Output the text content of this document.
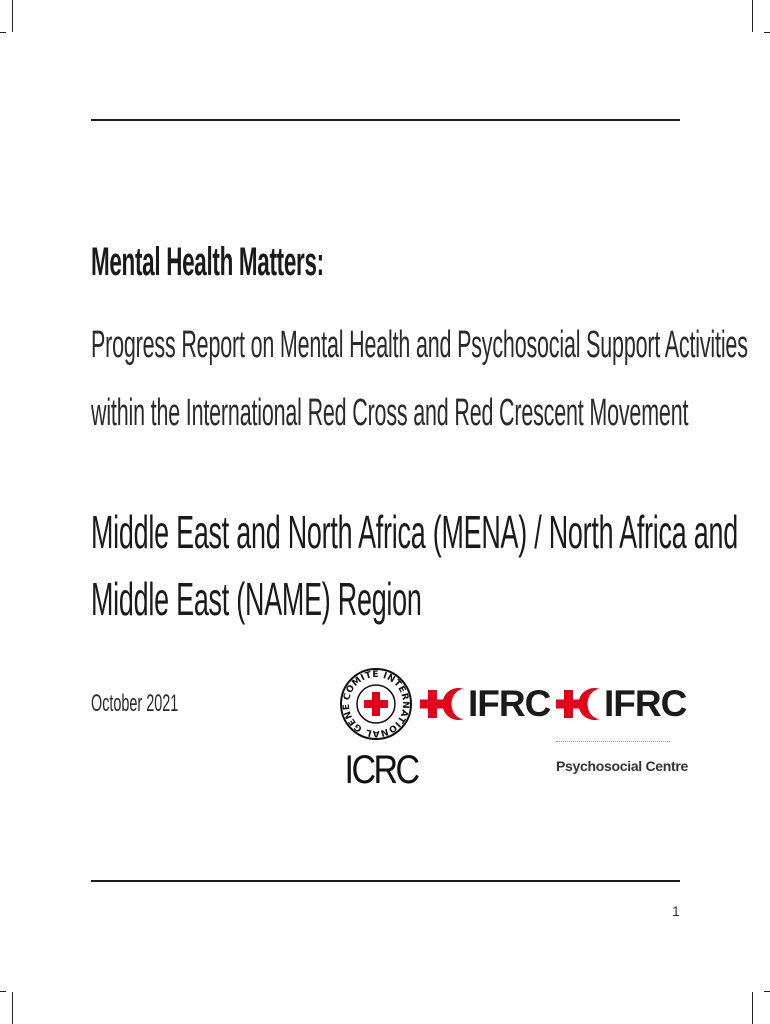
Mental Health Matters:

Progress Report on Mental Health and Psychosocial Support Activities

within the International Red Cross and Red Crescent Movement

Middle East and North Africa (MENA) / North Africa and

Middle East (NAME) Region

October 2021	COMITE INTERNATIONAL GENE
ICRC
IFRC IFRC
Psychosocial Centre
1
